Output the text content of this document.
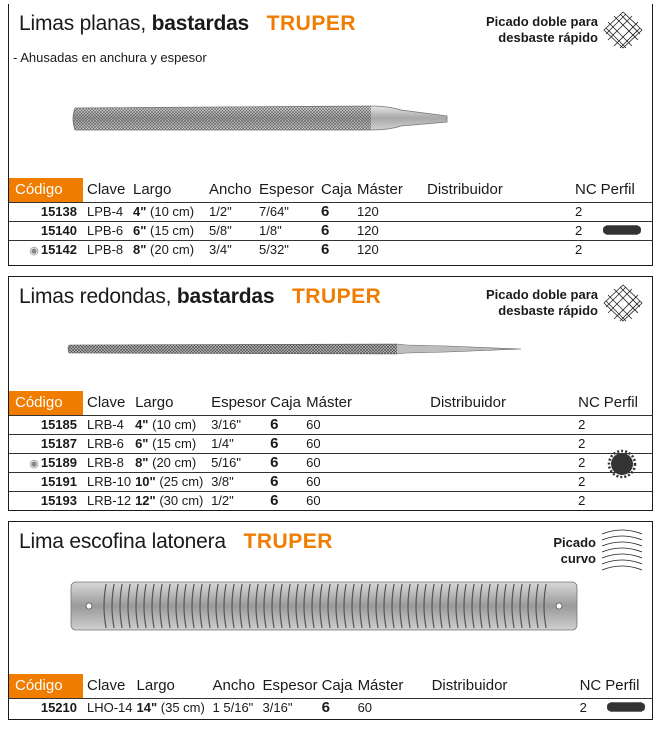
Limas planas, bastardas TRUPER
- Ahusadas en anchura y espesor
Picado doble para
desbaste rápido
Código	Clave	Largo	Ancho	Espesor	Caja	Máster	Distribuidor	NC	Perfil
15138	LPB-4	4" (10 cm)	1/2"	7/64"	6	120		2	
15140	LPB-6	6" (15 cm)	5/8"	1/8"	6	120		2	
◉ 15142	LPB-8	8" (20 cm)	3/4"	5/32"	6	120		2	
Limas redondas, bastardas TRUPER	Picado doble para
desbaste rápido
Código	Clave	Largo	Espesor	Caja	Máster	Distribuidor	NC	Perfil
15185	LRB-4	4" (10 cm)	3/16"	6	60		2	
15187	LRB-6	6" (15 cm)	1/4"	6	60		2	
◉ 15189	LRB-8	8" (20 cm)	5/16"	6	60		2	
15191	LRB-10	10" (25 cm)	3/8"	6	60		2	
15193	LRB-12	12" (30 cm)	1/2"	6	60		2	
Lima escofina latonera TRUPER	Picado
curvo
Código	Clave	Largo	Ancho	Espesor	Caja	Máster	Distribuidor	NC	Perfil
15210	LHO-14	14" (35 cm)	1 5/16"	3/16"	6	60		2	
